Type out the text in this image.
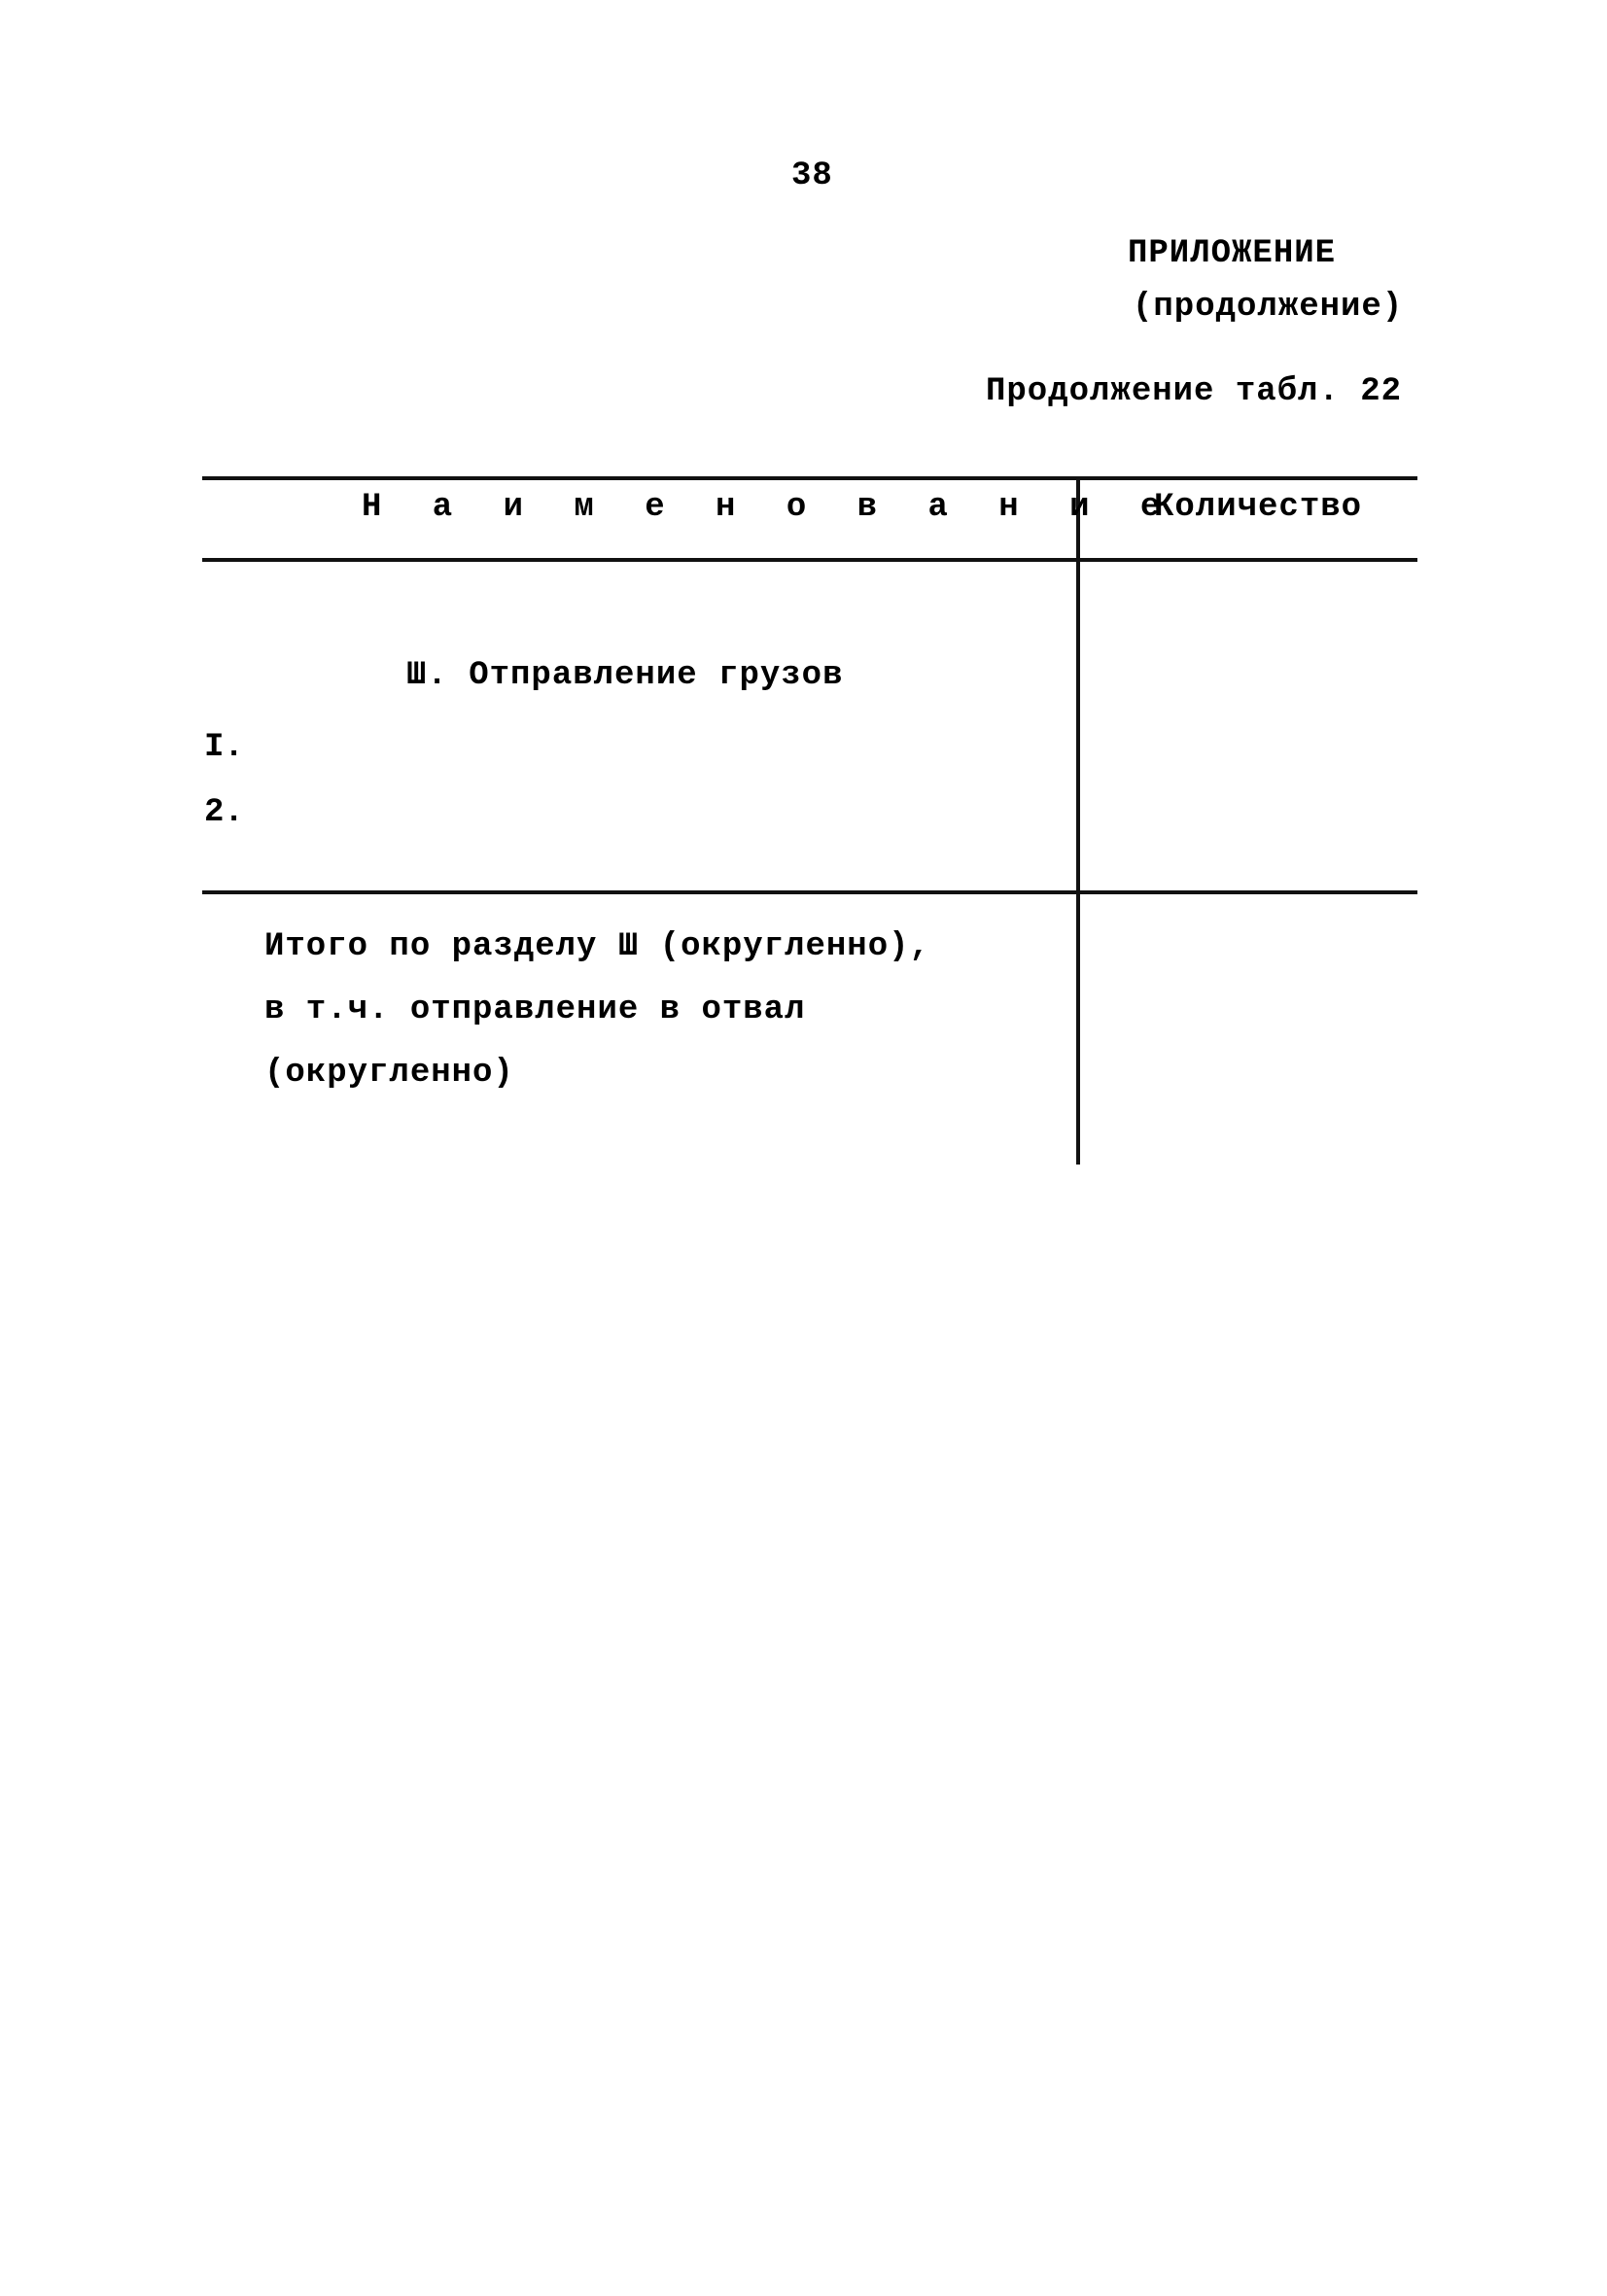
38
ПРИЛОЖЕНИЕ
(продолжение)
Продолжение табл. 22
Н а и м е н о в а н и е
Количество
Ш. Отправление грузов
I.
2.
Итого по разделу Ш (округленно),
в т.ч. отправление в отвал
(округленно)
